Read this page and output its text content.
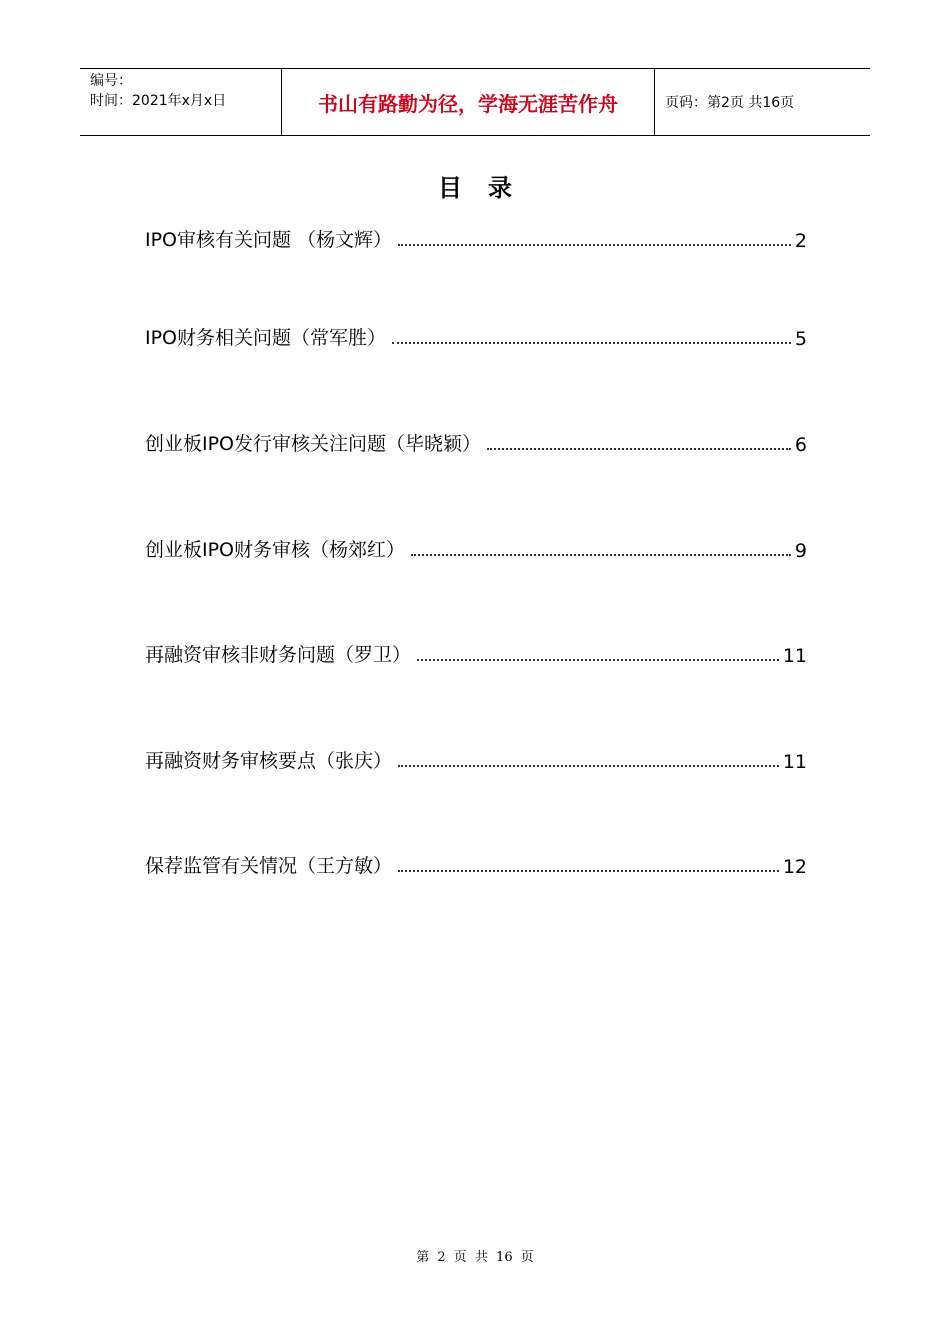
编号：
时间：2021年x月x日	书山有路勤为径，学海无涯苦作舟	页码：第2页 共16页
目录
IPO审核有关问题 （杨文辉）	2
IPO财务相关问题（常军胜）	5
创业板IPO发行审核关注问题（毕晓颖）	6
创业板IPO财务审核（杨郊红）	9
再融资审核非财务问题（罗卫）	11
再融资财务审核要点（张庆）	11
保荐监管有关情况（王方敏）	12
第 2 页 共 16 页
